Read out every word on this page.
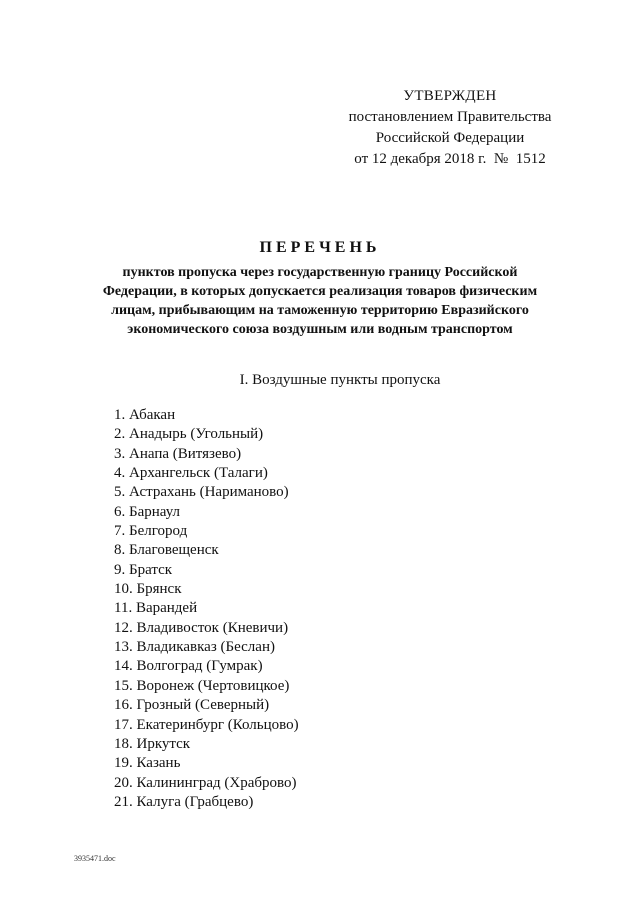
УТВЕРЖДЕН
постановлением Правительства
Российской Федерации
от 12 декабря 2018 г.  №  1512
ПЕРЕЧЕНЬ
пунктов пропуска через государственную границу Российской
Федерации, в которых допускается реализация товаров физическим
лицам, прибывающим на таможенную территорию Евразийского
экономического союза воздушным или водным транспортом
I. Воздушные пункты пропуска
1. Абакан
2. Анадырь (Угольный)
3. Анапа (Витязево)
4. Архангельск (Талаги)
5. Астрахань (Нариманово)
6. Барнаул
7. Белгород
8. Благовещенск
9. Братск
10. Брянск
11. Варандей
12. Владивосток (Кневичи)
13. Владикавказ (Беслан)
14. Волгоград (Гумрак)
15. Воронеж (Чертовицкое)
16. Грозный (Северный)
17. Екатеринбург (Кольцово)
18. Иркутск
19. Казань
20. Калининград (Храброво)
21. Калуга (Грабцево)
3935471.doc
